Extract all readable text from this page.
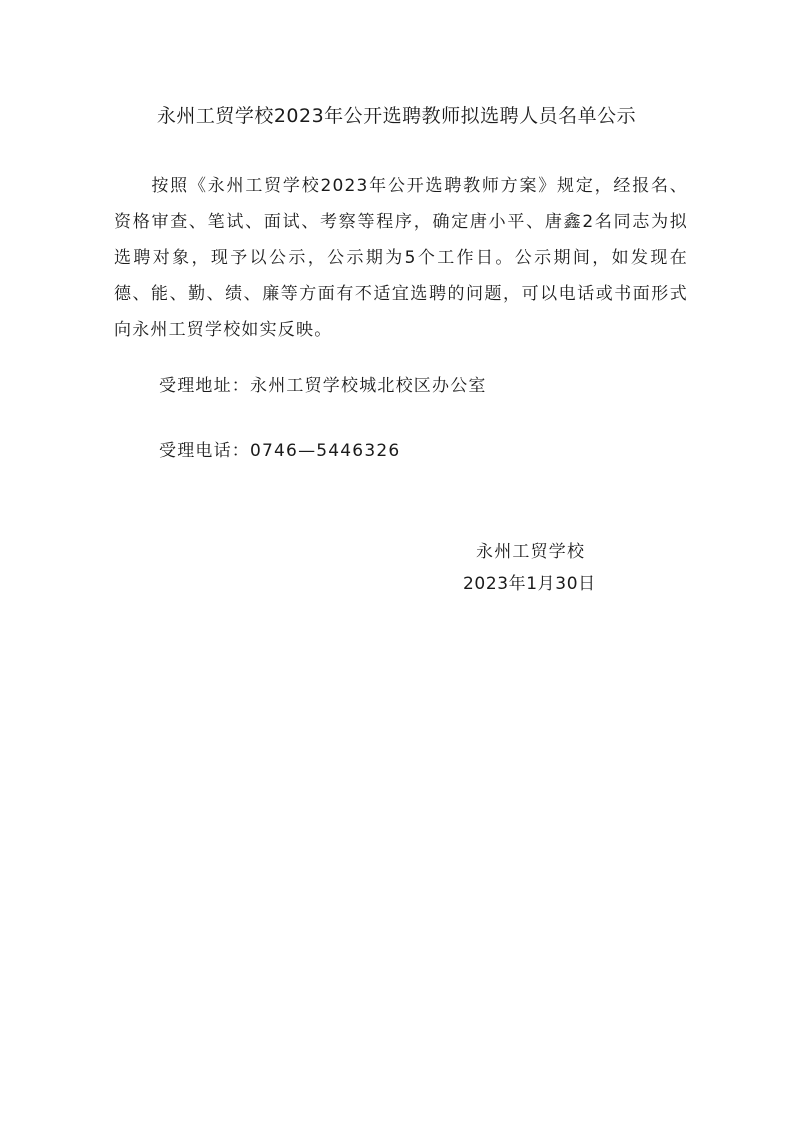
永州工贸学校2023年公开选聘教师拟选聘人员名单公示
按照《永州工贸学校2023年公开选聘教师方案》规定，经报名、资格审查、笔试、面试、考察等程序，确定唐小平、唐鑫2名同志为拟选聘对象，现予以公示，公示期为5个工作日。公示期间，如发现在德、能、勤、绩、廉等方面有不适宜选聘的问题，可以电话或书面形式向永州工贸学校如实反映。
受理地址：永州工贸学校城北校区办公室
受理电话：0746—5446326
永州工贸学校
2023年1月30日
